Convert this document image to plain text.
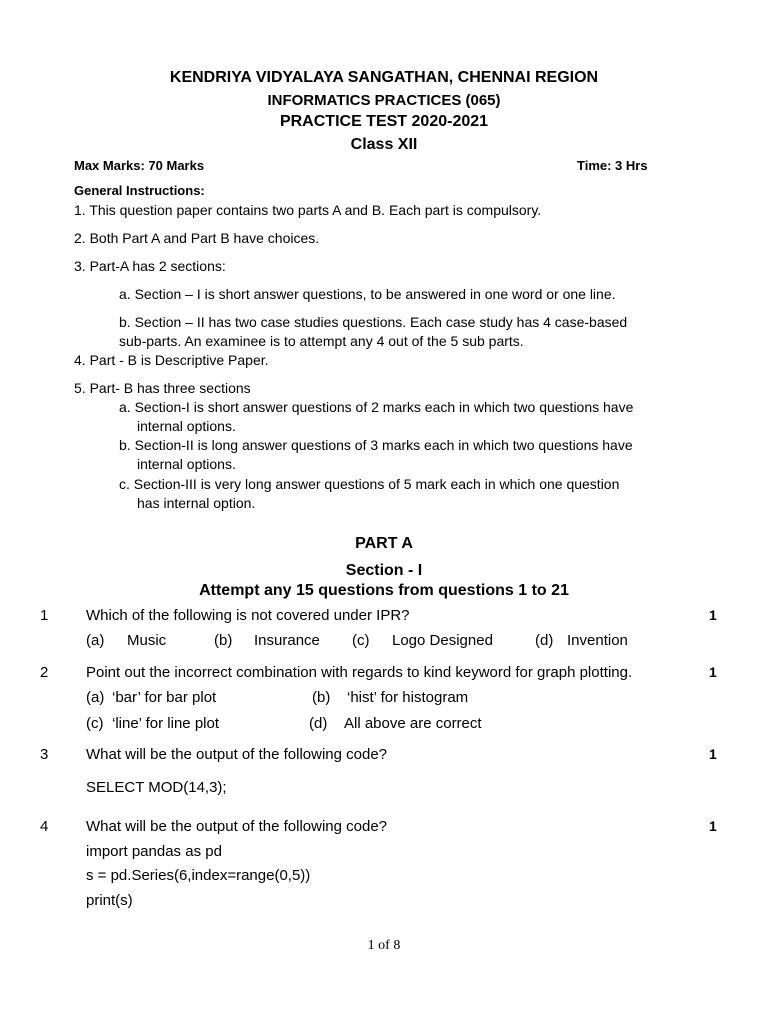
KENDRIYA VIDYALAYA SANGATHAN, CHENNAI REGION
INFORMATICS PRACTICES (065)
PRACTICE TEST 2020-2021
Class XII
Max Marks: 70 Marks	Time: 3 Hrs
General Instructions:
1. This question paper contains two parts A and B. Each part is compulsory.
2. Both Part A and Part B have choices.
3. Part-A has 2 sections:
a. Section – I is short answer questions, to be answered in one word or one line.
b. Section – II has two case studies questions. Each case study has 4 case-based
sub-parts. An examinee is to attempt any 4 out of the 5 sub parts.
4. Part - B is Descriptive Paper.
5. Part- B has three sections
a. Section-I is short answer questions of 2 marks each in which two questions have
internal options.
b. Section-II is long answer questions of 3 marks each in which two questions have
internal options.
c. Section-III is very long answer questions of 5 mark each in which one question
has internal option.
PART A
Section - I
Attempt any 15 questions from questions 1 to 21
1	Which of the following is not covered under IPR?	1
(a) Music	(b) Insurance (c) Logo Designed	(d) Invention
2	Point out the incorrect combination with regards to kind keyword for graph plotting.	1
(a) ‘bar’ for bar plot	(b) ‘hist’ for histogram
(c) ‘line’ for line plot	(d) All above are correct
3	What will be the output of the following code?	1
SELECT MOD(14,3);
4	What will be the output of the following code?	1
import pandas as pd
s = pd.Series(6,index=range(0,5))
print(s)
1 of 8
